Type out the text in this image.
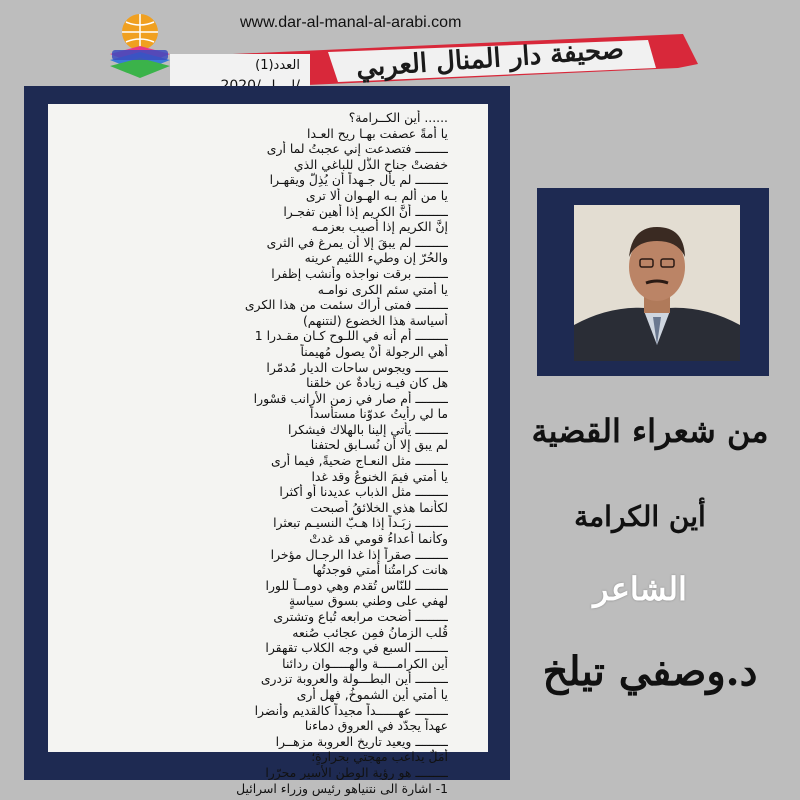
www.dar-al-manal-al-arabi.com
صحيفة دار المنال العربي
العدد(1)
...... أين الكــرامة؟
يا أمةً عصفت بهـا ريح العـدا
ـــــــــ فتصدعت إني عجبتُ لما أرى
خفضتْ جناح الذُّل للباغي الذي
ـــــــــ لم يأل جـهداً أن يُذِلّ ويقهـرا
يا من ألم بـه الهـوان ألا ترى
ـــــــــ أنَّ الكريم إذا أهين تفجـرا
إنَّ الكريم إذا أصيب بعزمـه
ـــــــــ لم يبقَ إلا أن يمرغ في الثرى
والحُرّ إن وطيء اللئيم عرينه
ـــــــــ برقت نواجذه وأنشب إظفرا
يا أمتي سئم الكرى نوامـه
ـــــــــ فمتى أراك سئمت من هذا الكرى
أسياسة هذا الخضوع (لنتنهم)
ـــــــــ أم أنه في اللـوح كـان مقـدرا 1
أهي الرجولة أنْ يصول مُهيمناً
ـــــــــ ويجوس ساحات الديار مُدمّرا
هل كان فيـه زيادةٌ عن خلقنا
ـــــــــ أم صار في زمن الأرانب قسْورا
ما لي رأيتُ عدوّنا مستأسداً
ـــــــــ يأتي إلينا بالهلاك فيشكرا
لم يبق إلا أن نُسـابق لحتفنا
ـــــــــ مثل النعـاج ضحيةً, فيما أرى
يا أمتي فيمَ الخنوعُ وقد غدا
ـــــــــ مثل الذباب عديدنا أو أكثرا
لكأنما هذي الخلائقُ أصبحت
ـــــــــ زبَـداً إذا هـبّ النسيـم تبعثرا
وكأنما أعداءُ قومي قد غدتْ
ـــــــــ صقراً إذا غدا الرجـال مؤخرا
هانت كرامتُنا أمتي فوجدتُها
ـــــــــ للنّاس تُقدم وهي دومــاً للورا
لهفي على وطني بسوق سياسةٍ
ـــــــــ أضحت مرابعه تُباع وتشترى
قُلب الزمانُ فمِن عجائب صُنعه
ـــــــــ السبع في وجه الكلاب تقهقرا
أين الكرامـــــة والهـــــوان ردائنا
ـــــــــ أين البطـــولة والعروبة تزدرى
يا أمتي أين الشموخُ, فهل أرى
ـــــــــ عهــــــداً مجيداً كالقديم وأنضرا
عهداً يجدّد في العروق دماءنا
ـــــــــ ويعيد تاريخ العروبة مزهــرا
أمَلٌ يداعب مهجتي بحرارةٍ؛
ـــــــــ هو رؤية الوطن الأسير محرّرا
1- اشارة الى نتنياهو رئيس وزراء اسرائيل
من شعراء القضية
أين الكرامة
الشاعر
د.وصفي تيلخ
